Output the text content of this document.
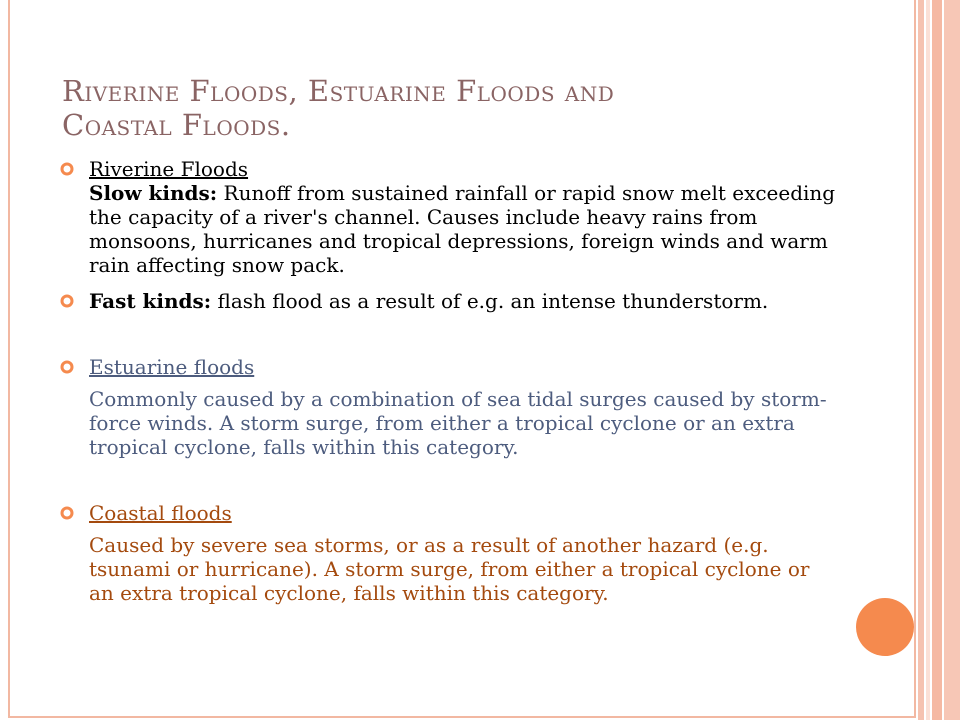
Riverine Floods, Estuarine Floods and
Coastal Floods.
Riverine Floods
Slow kinds: Runoff from sustained rainfall or rapid snow melt exceeding the capacity of a river's channel. Causes include heavy rains from monsoons, hurricanes and tropical depressions, foreign winds and warm rain affecting snow pack.
Fast kinds: flash flood as a result of e.g. an intense thunderstorm.
Estuarine floods
Commonly caused by a combination of sea tidal surges caused by storm-force winds. A storm surge, from either a tropical cyclone or an extra tropical cyclone, falls within this category.
Coastal floods
Caused by severe sea storms, or as a result of another hazard (e.g. tsunami or hurricane). A storm surge, from either a tropical cyclone or an extra tropical cyclone, falls within this category.
